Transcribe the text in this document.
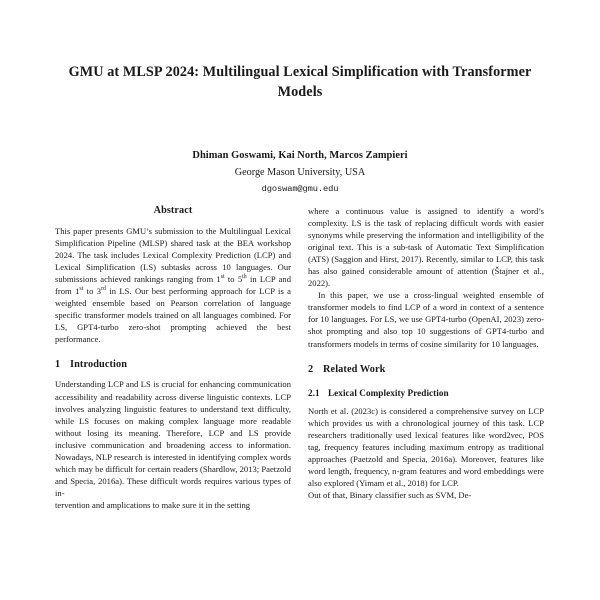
GMU at MLSP 2024: Multilingual Lexical Simplification with Transformer Models
Dhiman Goswami, Kai North, Marcos Zampieri
George Mason University, USA
dgoswam@gmu.edu
Abstract

This paper presents GMU’s submission to the Multilingual Lexical Simplification Pipeline (MLSP) shared task at the BEA workshop 2024. The task includes Lexical Complexity Prediction (LCP) and Lexical Simplification (LS) subtasks across 10 languages. Our submissions achieved rankings ranging from 1st to 5th in LCP and from 1st to 3rd in LS. Our best performing approach for LCP is a weighted ensemble based on Pearson correlation of language specific transformer models trained on all languages combined. For LS, GPT4-turbo zero-shot prompting achieved the best performance.

1 Introduction

Understanding LCP and LS is crucial for enhancing communication accessibility and readability across diverse linguistic contexts. LCP involves analyzing linguistic features to understand text difficulty, while LS focuses on making complex language more readable without losing its meaning. Therefore, LCP and LS provide inclusive communication and broadening access to information. Nowadays, NLP research is interested in identifying complex words which may be difficult for certain readers (Shardlow, 2013; Paetzold and Specia, 2016a). These difficult words requires various types of in-

tervention and amplications to make sure it in the setting

where a continuous value is assigned to identify a word’s complexity. LS is the task of replacing difficult words with easier synonyms while preserving the information and intelligibility of the original text. This is a sub-task of Automatic Text Simplification (ATS) (Saggion and Hirst, 2017). Recently, similar to LCP, this task has also gained considerable amount of attention (Štajner et al., 2022).

In this paper, we use a cross-lingual weighted ensemble of transformer models to find LCP of a word in context of a sentence for 10 languages. For LS, we use GPT4-turbo (OpenAI, 2023) zero-shot prompting and also top 10 suggestions of GPT4-turbo and transformers models in terms of cosine similarity for 10 languages.

2 Related Work
2.1 Lexical Complexity Prediction

North et al. (2023c) is considered a comprehensive survey on LCP which provides us with a chronological journey of this task. LCP researchers traditionally used lexical features like word2vec, POS tag, frequency features including maximum entropy as traditional approaches (Paetzold and Specia, 2016a). Moreover, features like word length, frequency, n-gram features and word embeddings were also explored (Yimam et al., 2018) for LCP.

Out of that, Binary classifier such as SVM, De-
